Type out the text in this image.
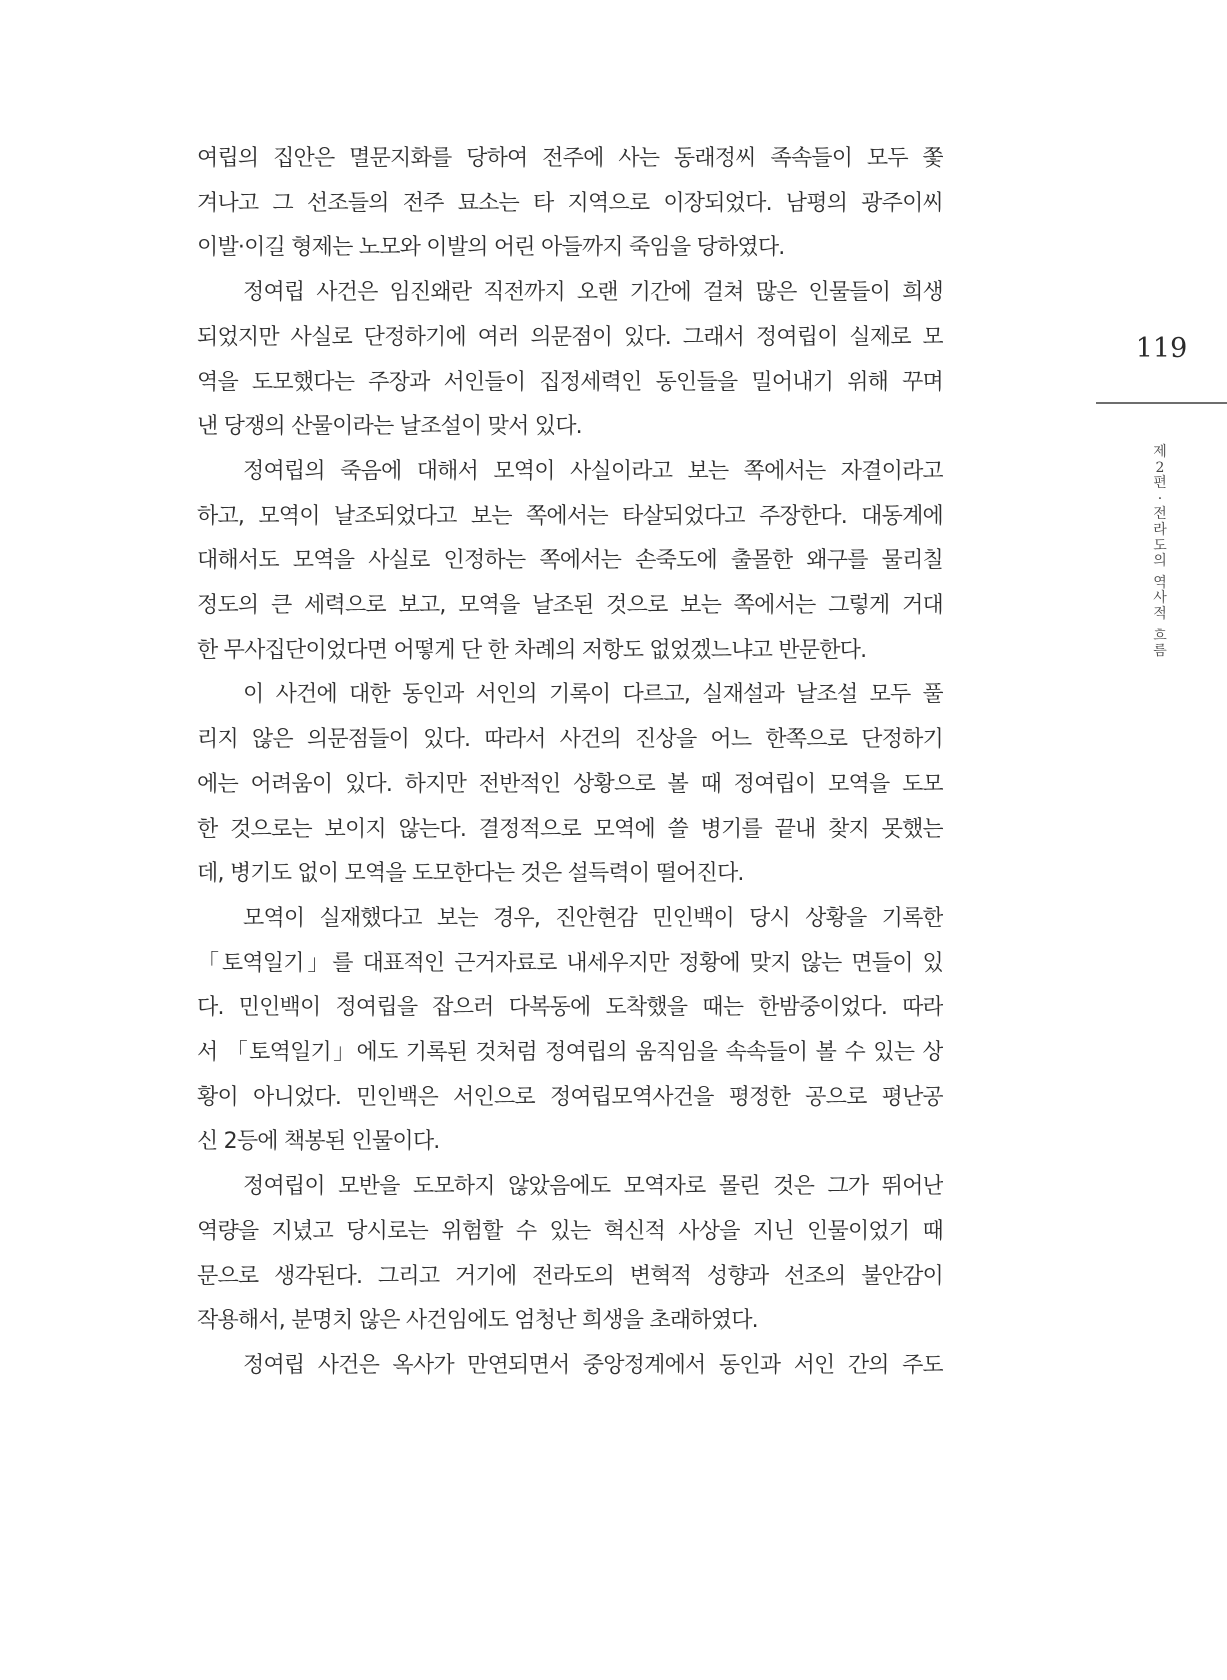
여립의 집안은 멸문지화를 당하여 전주에 사는 동래정씨 족속들이 모두 쫓
겨나고 그 선조들의 전주 묘소는 타 지역으로 이장되었다. 남평의 광주이씨
이발·이길 형제는 노모와 이발의 어린 아들까지 죽임을 당하였다.

정여립 사건은 임진왜란 직전까지 오랜 기간에 걸쳐 많은 인물들이 희생
되었지만 사실로 단정하기에 여러 의문점이 있다. 그래서 정여립이 실제로 모
역을 도모했다는 주장과 서인들이 집정세력인 동인들을 밀어내기 위해 꾸며
낸 당쟁의 산물이라는 날조설이 맞서 있다.

정여립의 죽음에 대해서 모역이 사실이라고 보는 쪽에서는 자결이라고
하고, 모역이 날조되었다고 보는 쪽에서는 타살되었다고 주장한다. 대동계에
대해서도 모역을 사실로 인정하는 쪽에서는 손죽도에 출몰한 왜구를 물리칠
정도의 큰 세력으로 보고, 모역을 날조된 것으로 보는 쪽에서는 그렇게 거대
한 무사집단이었다면 어떻게 단 한 차례의 저항도 없었겠느냐고 반문한다.

이 사건에 대한 동인과 서인의 기록이 다르고, 실재설과 날조설 모두 풀
리지 않은 의문점들이 있다. 따라서 사건의 진상을 어느 한쪽으로 단정하기
에는 어려움이 있다. 하지만 전반적인 상황으로 볼 때 정여립이 모역을 도모
한 것으로는 보이지 않는다. 결정적으로 모역에 쓸 병기를 끝내 찾지 못했는
데, 병기도 없이 모역을 도모한다는 것은 설득력이 떨어진다.

모역이 실재했다고 보는 경우, 진안현감 민인백이 당시 상황을 기록한
「토역일기」를 대표적인 근거자료로 내세우지만 정황에 맞지 않는 면들이 있
다. 민인백이 정여립을 잡으러 다복동에 도착했을 때는 한밤중이었다. 따라
서 「토역일기」에도 기록된 것처럼 정여립의 움직임을 속속들이 볼 수 있는 상
황이 아니었다. 민인백은 서인으로 정여립모역사건을 평정한 공으로 평난공
신 2등에 책봉된 인물이다.

정여립이 모반을 도모하지 않았음에도 모역자로 몰린 것은 그가 뛰어난
역량을 지녔고 당시로는 위험할 수 있는 혁신적 사상을 지닌 인물이었기 때
문으로 생각된다. 그리고 거기에 전라도의 변혁적 성향과 선조의 불안감이
작용해서, 분명치 않은 사건임에도 엄청난 희생을 초래하였다.

정여립 사건은 옥사가 만연되면서 중앙정계에서 동인과 서인 간의 주도

119
제
2
편
·
전
라
도
의
역
사
적
흐
름
